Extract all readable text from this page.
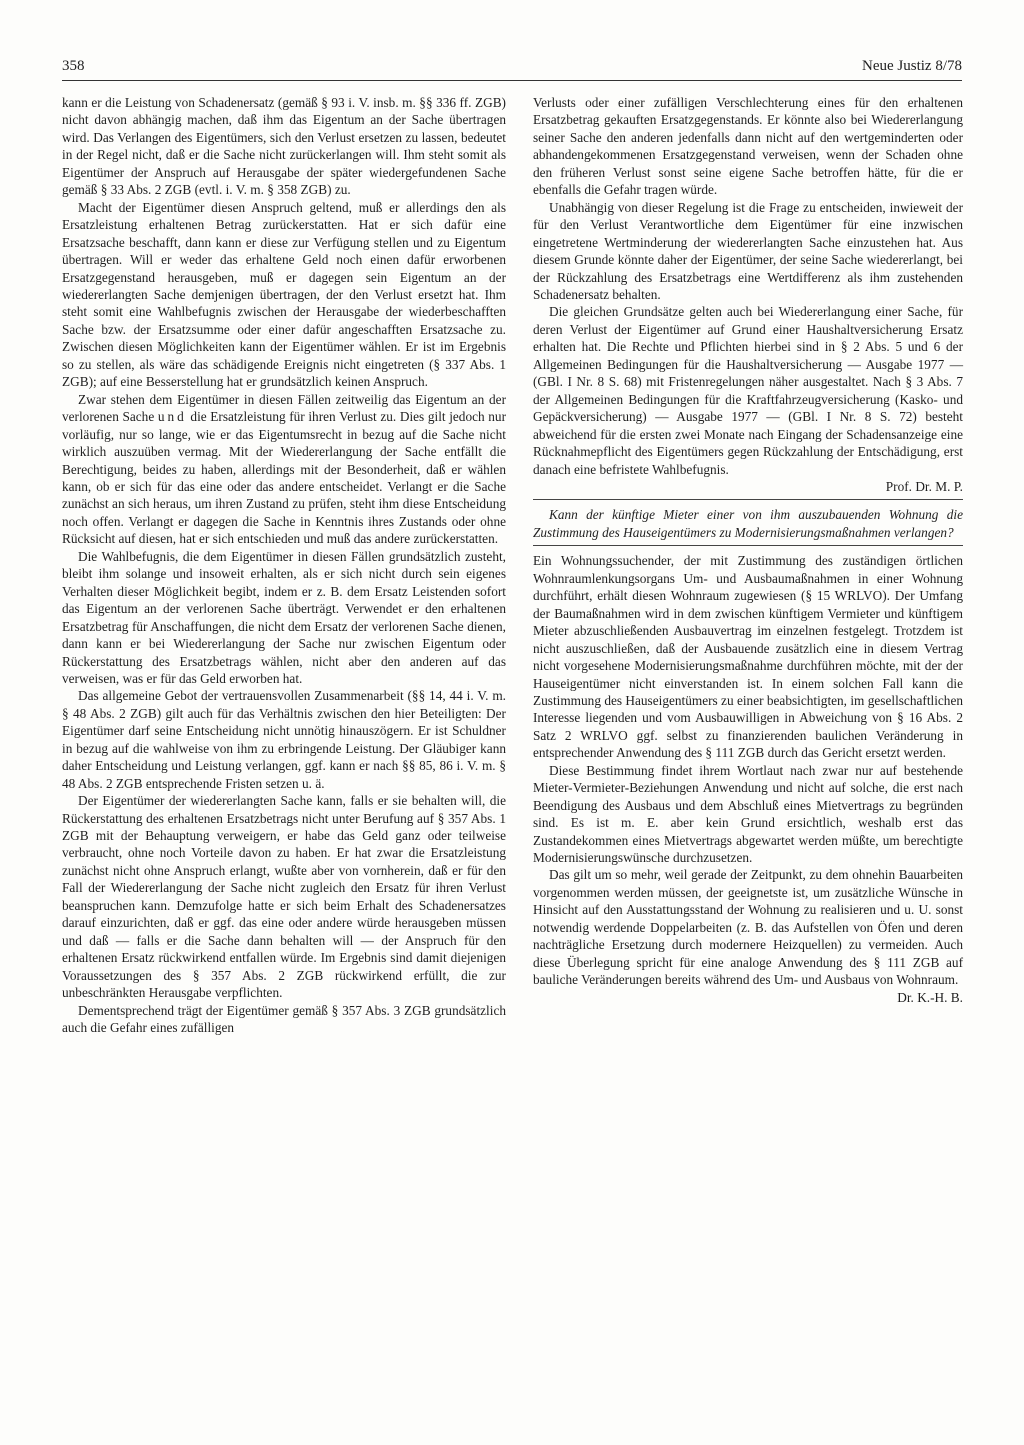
358	Neue Justiz 8/78

kann er die Leistung von Schadenersatz (gemäß § 93 i. V. insb. m. §§ 336 ff. ZGB) nicht davon abhängig machen, daß ihm das Eigentum an der Sache übertragen wird. Das Verlangen des Eigentümers, sich den Verlust ersetzen zu lassen, bedeutet in der Regel nicht, daß er die Sache nicht zurückerlangen will. Ihm steht somit als Eigentümer der Anspruch auf Herausgabe der später wiedergefundenen Sache gemäß § 33 Abs. 2 ZGB (evtl. i. V. m. § 358 ZGB) zu.

Macht der Eigentümer diesen Anspruch geltend, muß er allerdings den als Ersatzleistung erhaltenen Betrag zurückerstatten. Hat er sich dafür eine Ersatzsache beschafft, dann kann er diese zur Verfügung stellen und zu Eigentum übertragen. Will er weder das erhaltene Geld noch einen dafür erworbenen Ersatzgegenstand herausgeben, muß er dagegen sein Eigentum an der wiedererlangten Sache demjenigen übertragen, der den Verlust ersetzt hat. Ihm steht somit eine Wahlbefugnis zwischen der Herausgabe der wiederbeschafften Sache bzw. der Ersatzsumme oder einer dafür angeschafften Ersatzsache zu. Zwischen diesen Möglichkeiten kann der Eigentümer wählen. Er ist im Ergebnis so zu stellen, als wäre das schädigende Ereignis nicht eingetreten (§ 337 Abs. 1 ZGB); auf eine Besserstellung hat er grundsätzlich keinen Anspruch.

Zwar stehen dem Eigentümer in diesen Fällen zeitweilig das Eigentum an der verlorenen Sache und die Ersatzleistung für ihren Verlust zu. Dies gilt jedoch nur vorläufig, nur so lange, wie er das Eigentumsrecht in bezug auf die Sache nicht wirklich auszuüben vermag. Mit der Wiedererlangung der Sache entfällt die Berechtigung, beides zu haben, allerdings mit der Besonderheit, daß er wählen kann, ob er sich für das eine oder das andere entscheidet. Verlangt er die Sache zunächst an sich heraus, um ihren Zustand zu prüfen, steht ihm diese Entscheidung noch offen. Verlangt er dagegen die Sache in Kenntnis ihres Zustands oder ohne Rücksicht auf diesen, hat er sich entschieden und muß das andere zurückerstatten.

Die Wahlbefugnis, die dem Eigentümer in diesen Fällen grundsätzlich zusteht, bleibt ihm solange und insoweit erhalten, als er sich nicht durch sein eigenes Verhalten dieser Möglichkeit begibt, indem er z. B. dem Ersatz Leistenden sofort das Eigentum an der verlorenen Sache überträgt. Verwendet er den erhaltenen Ersatzbetrag für Anschaffungen, die nicht dem Ersatz der verlorenen Sache dienen, dann kann er bei Wiedererlangung der Sache nur zwischen Eigentum oder Rückerstattung des Ersatzbetrags wählen, nicht aber den anderen auf das verweisen, was er für das Geld erworben hat.

Das allgemeine Gebot der vertrauensvollen Zusammenarbeit (§§ 14, 44 i. V. m. § 48 Abs. 2 ZGB) gilt auch für das Verhältnis zwischen den hier Beteiligten: Der Eigentümer darf seine Entscheidung nicht unnötig hinauszögern. Er ist Schuldner in bezug auf die wahlweise von ihm zu erbringende Leistung. Der Gläubiger kann daher Entscheidung und Leistung verlangen, ggf. kann er nach §§ 85, 86 i. V. m. § 48 Abs. 2 ZGB entsprechende Fristen setzen u. ä.

Der Eigentümer der wiedererlangten Sache kann, falls er sie behalten will, die Rückerstattung des erhaltenen Ersatzbetrags nicht unter Berufung auf § 357 Abs. 1 ZGB mit der Behauptung verweigern, er habe das Geld ganz oder teilweise verbraucht, ohne noch Vorteile davon zu haben. Er hat zwar die Ersatzleistung zunächst nicht ohne Anspruch erlangt, wußte aber von vornherein, daß er für den Fall der Wiedererlangung der Sache nicht zugleich den Ersatz für ihren Verlust beanspruchen kann. Demzufolge hatte er sich beim Erhalt des Schadenersatzes darauf einzurichten, daß er ggf. das eine oder andere würde herausgeben müssen und daß — falls er die Sache dann behalten will — der Anspruch für den erhaltenen Ersatz rückwirkend entfallen würde. Im Ergebnis sind damit diejenigen Voraussetzungen des § 357 Abs. 2 ZGB rückwirkend erfüllt, die zur unbeschränkten Herausgabe verpflichten.

Dementsprechend trägt der Eigentümer gemäß § 357 Abs. 3 ZGB grundsätzlich auch die Gefahr eines zufälligen

Verlusts oder einer zufälligen Verschlechterung eines für den erhaltenen Ersatzbetrag gekauften Ersatzgegenstands. Er könnte also bei Wiedererlangung seiner Sache den anderen jedenfalls dann nicht auf den wertgeminderten oder abhandengekommenen Ersatzgegenstand verweisen, wenn der Schaden ohne den früheren Verlust sonst seine eigene Sache betroffen hätte, für die er ebenfalls die Gefahr tragen würde.

Unabhängig von dieser Regelung ist die Frage zu entscheiden, inwieweit der für den Verlust Verantwortliche dem Eigentümer für eine inzwischen eingetretene Wertminderung der wiedererlangten Sache einzustehen hat. Aus diesem Grunde könnte daher der Eigentümer, der seine Sache wiedererlangt, bei der Rückzahlung des Ersatzbetrags eine Wertdifferenz als ihm zustehenden Schadenersatz behalten.

Die gleichen Grundsätze gelten auch bei Wiedererlangung einer Sache, für deren Verlust der Eigentümer auf Grund einer Haushaltversicherung Ersatz erhalten hat. Die Rechte und Pflichten hierbei sind in § 2 Abs. 5 und 6 der Allgemeinen Bedingungen für die Haushaltversicherung — Ausgabe 1977 — (GBl. I Nr. 8 S. 68) mit Fristenregelungen näher ausgestaltet. Nach § 3 Abs. 7 der Allgemeinen Bedingungen für die Kraftfahrzeugversicherung (Kasko- und Gepäckversicherung) — Ausgabe 1977 — (GBl. I Nr. 8 S. 72) besteht abweichend für die ersten zwei Monate nach Eingang der Schadensanzeige eine Rücknahmepflicht des Eigentümers gegen Rückzahlung der Entschädigung, erst danach eine befristete Wahlbefugnis.

Prof. Dr. M. P.

Kann der künftige Mieter einer von ihm auszubauenden Wohnung die Zustimmung des Hauseigentümers zu Modernisierungsmaßnahmen verlangen?

Ein Wohnungssuchender, der mit Zustimmung des zuständigen örtlichen Wohnraumlenkungsorgans Um- und Ausbaumaßnahmen in einer Wohnung durchführt, erhält diesen Wohnraum zugewiesen (§ 15 WRLVO). Der Umfang der Baumaßnahmen wird in dem zwischen künftigem Vermieter und künftigem Mieter abzuschließenden Ausbauvertrag im einzelnen festgelegt. Trotzdem ist nicht auszuschließen, daß der Ausbauende zusätzlich eine in diesem Vertrag nicht vorgesehene Modernisierungsmaßnahme durchführen möchte, mit der der Hauseigentümer nicht einverstanden ist. In einem solchen Fall kann die Zustimmung des Hauseigentümers zu einer beabsichtigten, im gesellschaftlichen Interesse liegenden und vom Ausbauwilligen in Abweichung von § 16 Abs. 2 Satz 2 WRLVO ggf. selbst zu finanzierenden baulichen Veränderung in entsprechender Anwendung des § 111 ZGB durch das Gericht ersetzt werden.

Diese Bestimmung findet ihrem Wortlaut nach zwar nur auf bestehende Mieter-Vermieter-Beziehungen Anwendung und nicht auf solche, die erst nach Beendigung des Ausbaus und dem Abschluß eines Mietvertrags zu begründen sind. Es ist m. E. aber kein Grund ersichtlich, weshalb erst das Zustandekommen eines Mietvertrags abgewartet werden müßte, um berechtigte Modernisierungswünsche durchzusetzen.

Das gilt um so mehr, weil gerade der Zeitpunkt, zu dem ohnehin Bauarbeiten vorgenommen werden müssen, der geeignetste ist, um zusätzliche Wünsche in Hinsicht auf den Ausstattungsstand der Wohnung zu realisieren und u. U. sonst notwendig werdende Doppelarbeiten (z. B. das Aufstellen von Öfen und deren nachträgliche Ersetzung durch modernere Heizquellen) zu vermeiden. Auch diese Überlegung spricht für eine analoge Anwendung des § 111 ZGB auf bauliche Veränderungen bereits während des Um- und Ausbaus von Wohnraum.
Dr. K.-H. B.
